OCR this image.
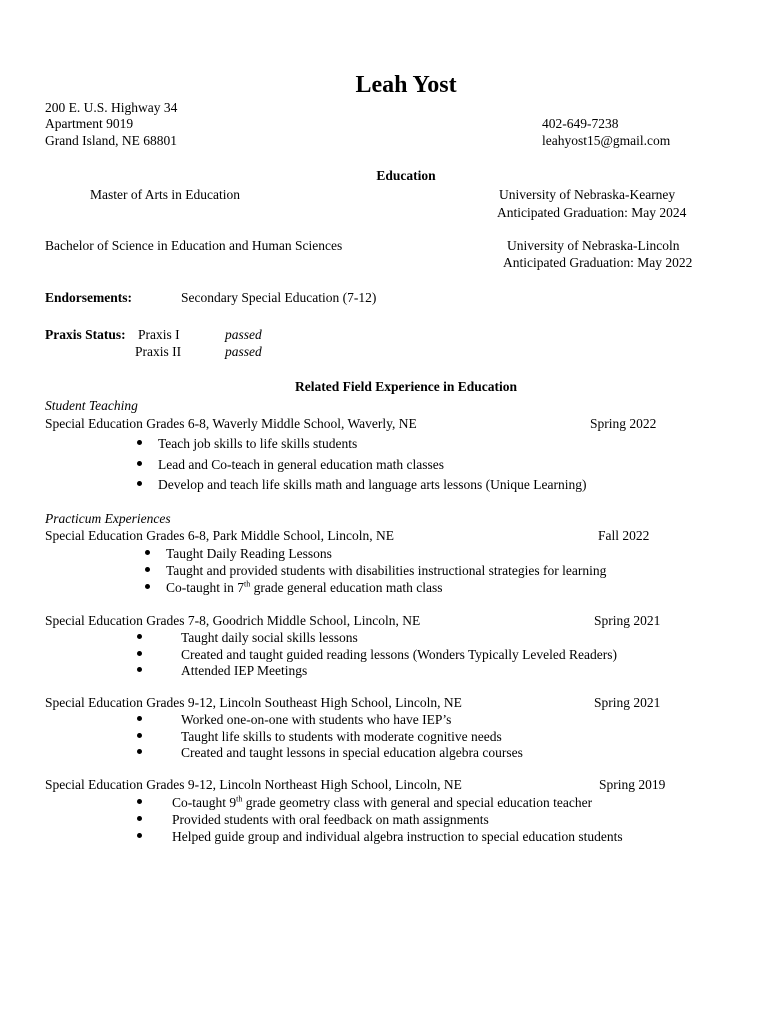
Leah Yost
200 E. U.S. Highway 34
Apartment 9019
Grand Island, NE 68801
402-649-7238
leahyost15@gmail.com
Education
Master of Arts in Education	University of Nebraska-Kearney
Anticipated Graduation: May 2024
Bachelor of Science in Education and Human Sciences	University of Nebraska-Lincoln
Anticipated Graduation: May 2022
Endorsements:	Secondary Special Education (7-12)
Praxis Status: Praxis I	passed
Praxis II	passed
Related Field Experience in Education
Student Teaching
Special Education Grades 6-8, Waverly Middle School, Waverly, NE	Spring 2022
Teach job skills to life skills students
Lead and Co-teach in general education math classes
Develop and teach life skills math and language arts lessons (Unique Learning)
Practicum Experiences
Special Education Grades 6-8, Park Middle School, Lincoln, NE	Fall 2022
Taught Daily Reading Lessons
Taught and provided students with disabilities instructional strategies for learning
Co-taught in 7th grade general education math class
Special Education Grades 7-8, Goodrich Middle School, Lincoln, NE	Spring 2021
Taught daily social skills lessons
Created and taught guided reading lessons (Wonders Typically Leveled Readers)
Attended IEP Meetings
Special Education Grades 9-12, Lincoln Southeast High School, Lincoln, NE	Spring 2021
Worked one-on-one with students who have IEP’s
Taught life skills to students with moderate cognitive needs
Created and taught lessons in special education algebra courses
Special Education Grades 9-12, Lincoln Northeast High School, Lincoln, NE	Spring 2019
Co-taught 9th grade geometry class with general and special education teacher
Provided students with oral feedback on math assignments
Helped guide group and individual algebra instruction to special education students
